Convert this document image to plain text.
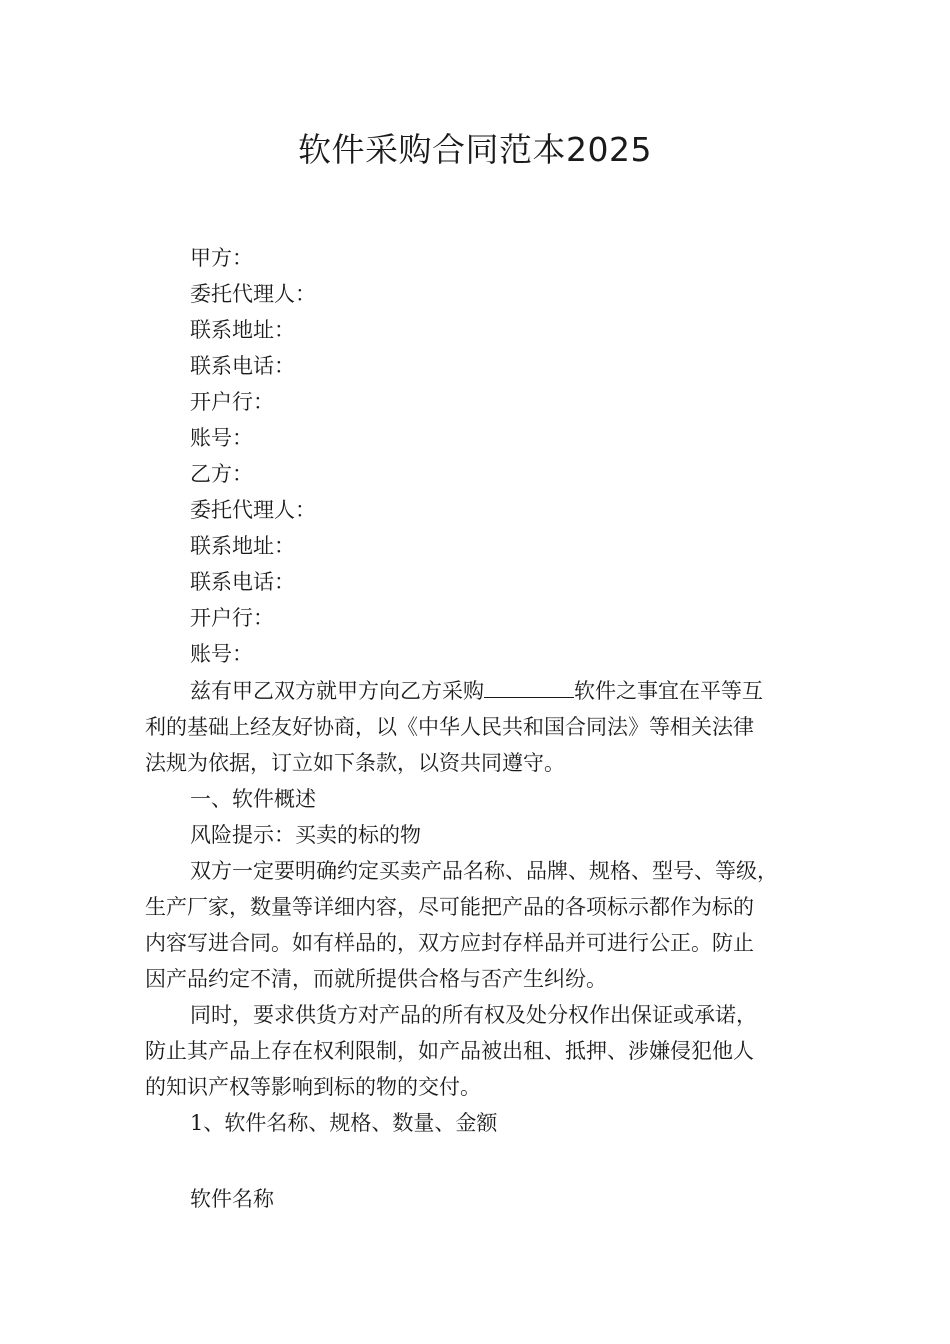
软件采购合同范本2025
甲方：
委托代理人：
联系地址：
联系电话：
开户行：
账号：
乙方：
委托代理人：
联系地址：
联系电话：
开户行：
账号：
兹有甲乙双方就甲方向乙方采购	软件之事宜在平等互
利的基础上经友好协商，以《中华人民共和国合同法》等相关法律
法规为依据，订立如下条款，以资共同遵守。
一、软件概述
风险提示：买卖的标的物
双方一定要明确约定买卖产品名称、品牌、规格、型号、等级，
生产厂家，数量等详细内容，尽可能把产品的各项标示都作为标的
内容写进合同。如有样品的，双方应封存样品并可进行公正。防止
因产品约定不清，而就所提供合格与否产生纠纷。
同时，要求供货方对产品的所有权及处分权作出保证或承诺，
防止其产品上存在权利限制，如产品被出租、抵押、涉嫌侵犯他人
的知识产权等影响到标的物的交付。
1、软件名称、规格、数量、金额
软件名称
